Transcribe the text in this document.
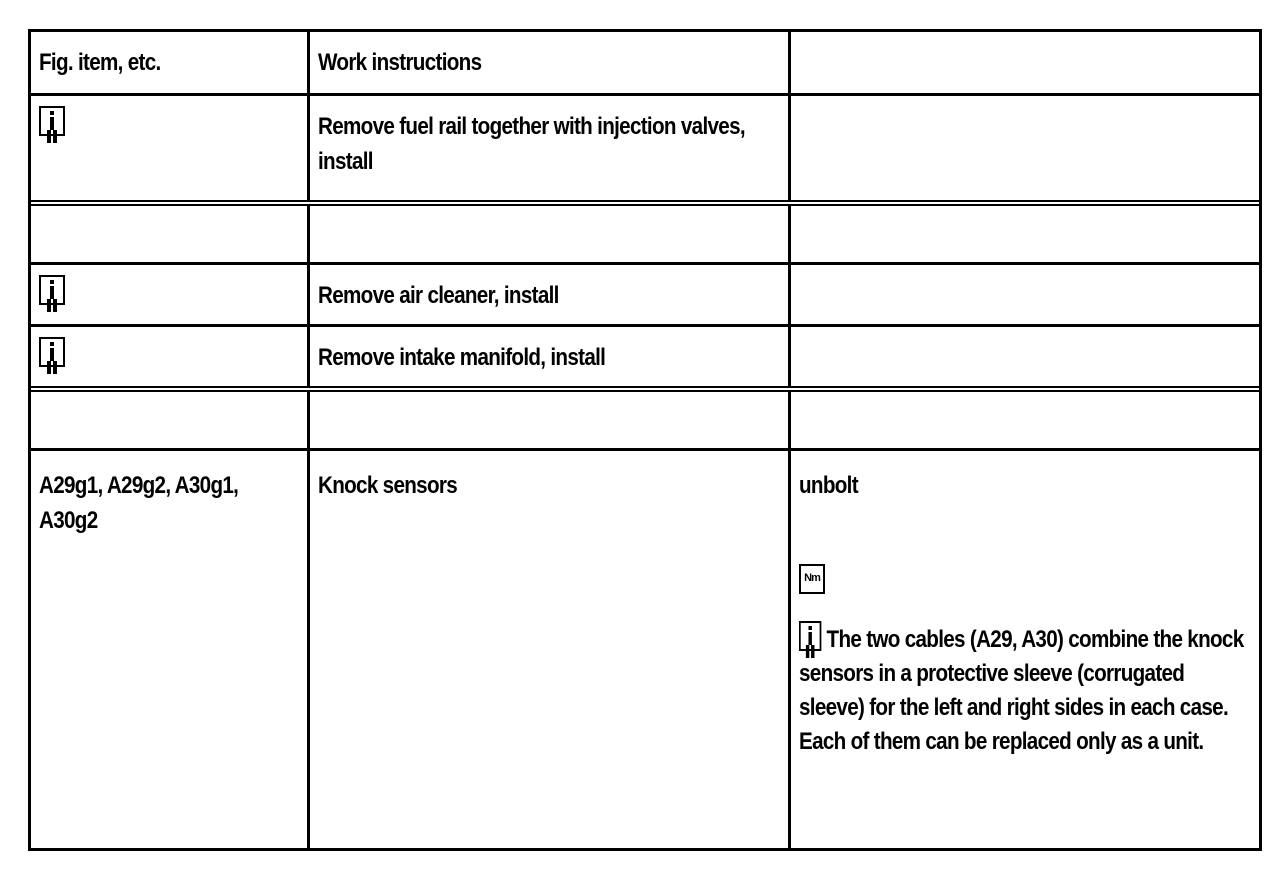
Fig. item, etc.	Work instructions
Remove fuel rail together with injection valves, install
Remove air cleaner, install
Remove intake manifold, install
A29g1, A29g2, A30g1, A30g2
Knock sensors	unbolt
Nm
The two cables (A29, A30) combine the knock sensors in a protective sleeve (corrugated sleeve) for the left and right sides in each case. Each of them can be replaced only as a unit.
